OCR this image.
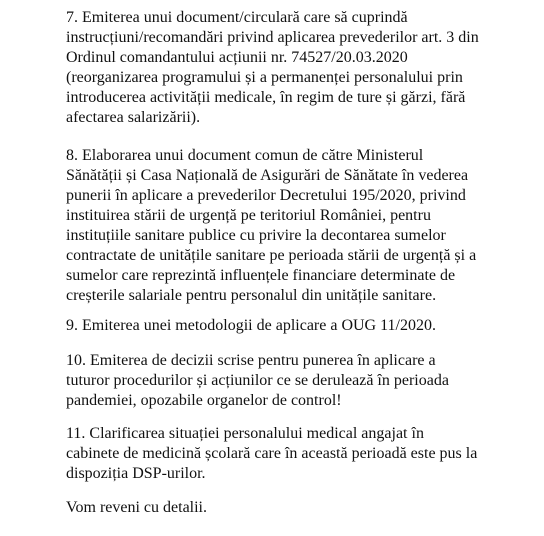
7. Emiterea unui document/circulară care să cuprindă
instrucțiuni/recomandări privind aplicarea prevederilor art. 3 din
Ordinul comandantului acțiunii nr. 74527/20.03.2020
(reorganizarea programului și a permanenței personalului prin
introducerea activității medicale, în regim de ture și gărzi, fără
afectarea salarizării).
8. Elaborarea unui document comun de către Ministerul
Sănătății și Casa Națională de Asigurări de Sănătate în vederea
punerii în aplicare a prevederilor Decretului 195/2020, privind
instituirea stării de urgență pe teritoriul României, pentru
instituțiile sanitare publice cu privire la decontarea sumelor
contractate de unitățile sanitare pe perioada stării de urgență și a
sumelor care reprezintă influențele financiare determinate de
creșterile salariale pentru personalul din unitățile sanitare.
9. Emiterea unei metodologii de aplicare a OUG 11/2020.
10. Emiterea de decizii scrise pentru punerea în aplicare a
tuturor procedurilor și acțiunilor ce se derulează în perioada
pandemiei, opozabile organelor de control!
11. Clarificarea situației personalului medical angajat în
cabinete de medicină școlară care în această perioadă este pus la
dispoziția DSP-urilor.
Vom reveni cu detalii.
